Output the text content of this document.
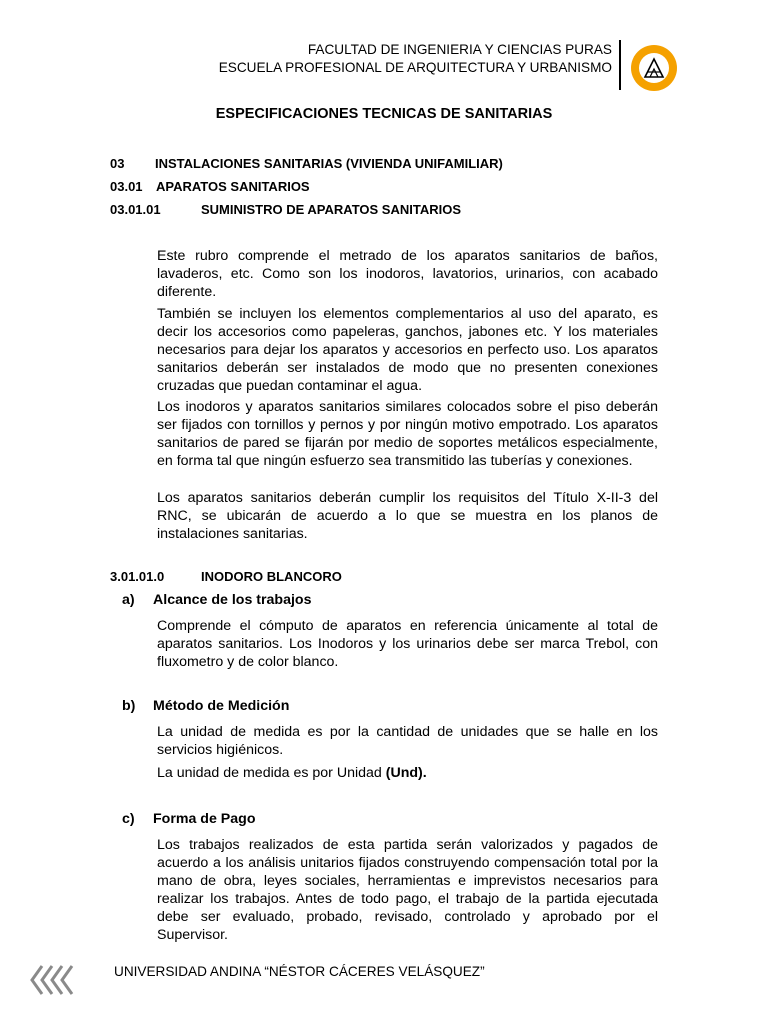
FACULTAD DE INGENIERIA Y CIENCIAS PURAS
ESCUELA PROFESIONAL DE ARQUITECTURA Y URBANISMO
ESPECIFICACIONES TECNICAS DE SANITARIAS
03 INSTALACIONES SANITARIAS (VIVIENDA UNIFAMILIAR)
03.01 APARATOS SANITARIOS
03.01.01	SUMINISTRO DE APARATOS SANITARIOS

Este rubro comprende el metrado de los aparatos sanitarios de baños, lavaderos, etc. Como son los inodoros, lavatorios, urinarios, con acabado diferente.

También se incluyen los elementos complementarios al uso del aparato, es decir los accesorios como papeleras, ganchos, jabones etc. Y los materiales necesarios para dejar los aparatos y accesorios en perfecto uso. Los aparatos sanitarios deberán ser instalados de modo que no presenten conexiones cruzadas que puedan contaminar el agua.

Los inodoros y aparatos sanitarios similares colocados sobre el piso deberán ser fijados con tornillos y pernos y por ningún motivo empotrado. Los aparatos sanitarios de pared se fijarán por medio de soportes metálicos especialmente, en forma tal que ningún esfuerzo sea transmitido las tuberías y conexiones.

Los aparatos sanitarios deberán cumplir los requisitos del Título X-II-3 del RNC, se ubicarán de acuerdo a lo que se muestra en los planos de instalaciones sanitarias.

3.01.01.0	INODORO BLANCORO
a) Alcance de los trabajos

Comprende el cómputo de aparatos en referencia únicamente al total de aparatos sanitarios. Los Inodoros y los urinarios debe ser marca Trebol, con fluxometro y de color blanco.

b) Método de Medición

La unidad de medida es por la cantidad de unidades que se halle en los servicios higiénicos.

La unidad de medida es por Unidad (Und).

c) Forma de Pago

Los trabajos realizados de esta partida serán valorizados y pagados de acuerdo a los análisis unitarios fijados construyendo compensación total por la mano de obra, leyes sociales, herramientas e imprevistos necesarios para realizar los trabajos. Antes de todo pago, el trabajo de la partida ejecutada debe ser evaluado, probado, revisado, controlado y aprobado por el Supervisor.

UNIVERSIDAD ANDINA “NÉSTOR CÁCERES VELÁSQUEZ”
